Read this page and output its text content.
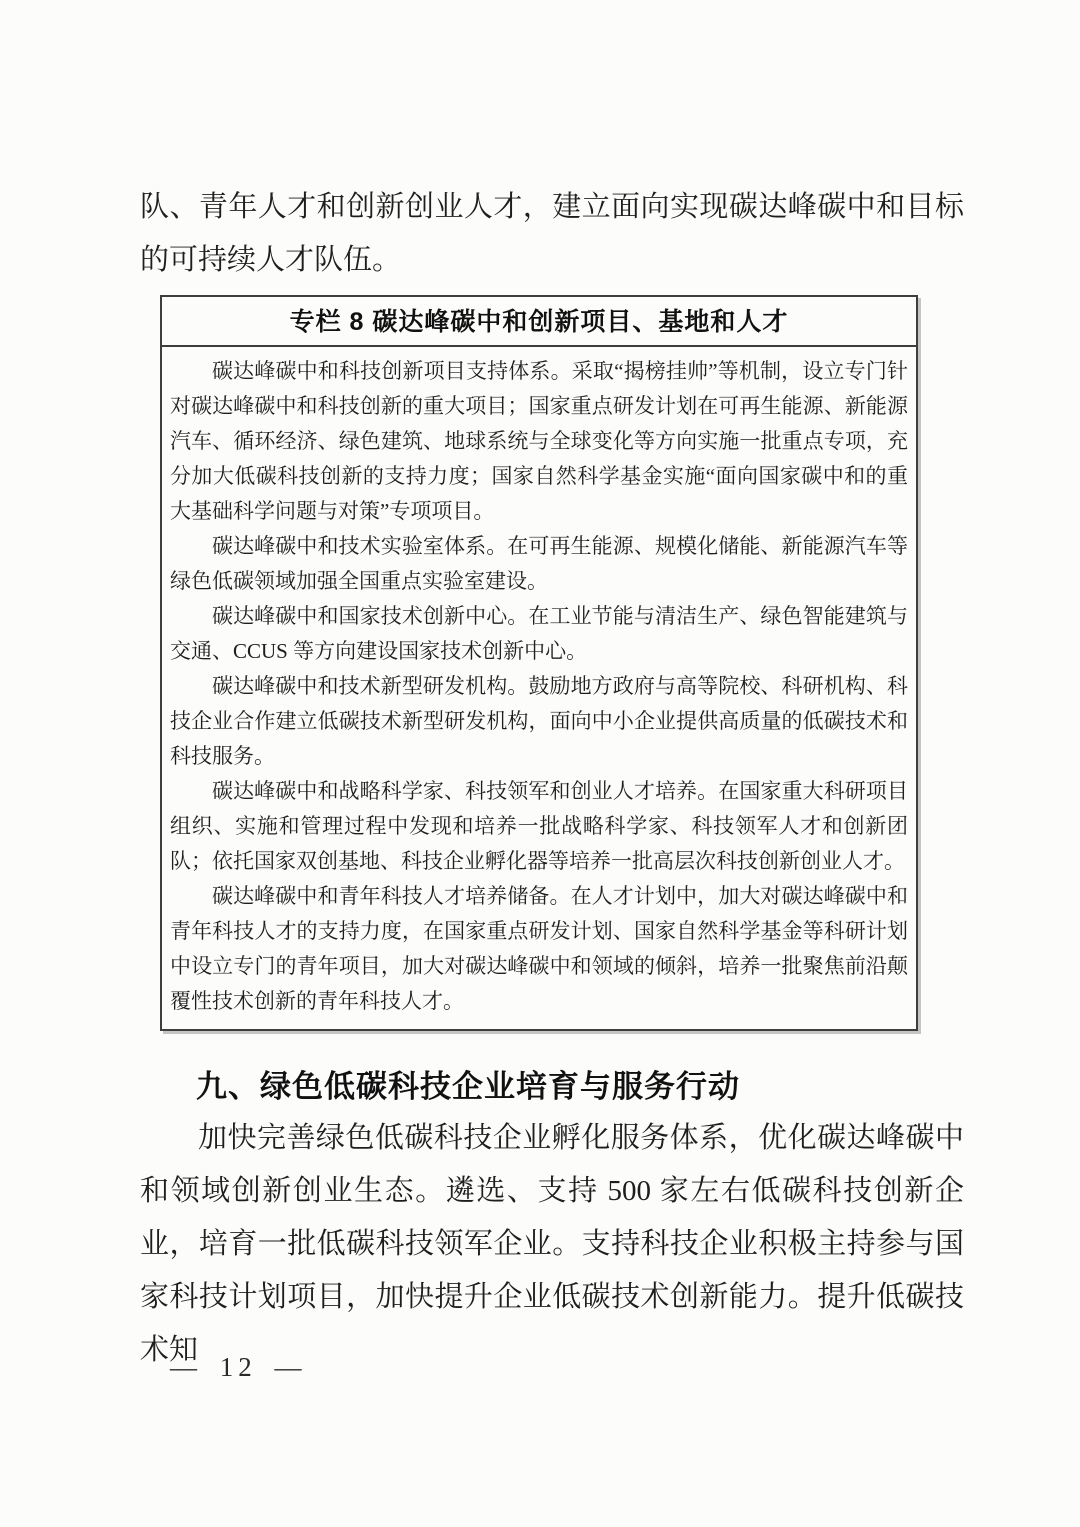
队、青年人才和创新创业人才，建立面向实现碳达峰碳中和目标的可持续人才队伍。

专栏 8 碳达峰碳中和创新项目、基地和人才

碳达峰碳中和科技创新项目支持体系。采取“揭榜挂帅”等机制，设立专门针对碳达峰碳中和科技创新的重大项目；国家重点研发计划在可再生能源、新能源汽车、循环经济、绿色建筑、地球系统与全球变化等方向实施一批重点专项，充分加大低碳科技创新的支持力度；国家自然科学基金实施“面向国家碳中和的重大基础科学问题与对策”专项项目。

碳达峰碳中和技术实验室体系。在可再生能源、规模化储能、新能源汽车等绿色低碳领域加强全国重点实验室建设。

碳达峰碳中和国家技术创新中心。在工业节能与清洁生产、绿色智能建筑与交通、CCUS 等方向建设国家技术创新中心。

碳达峰碳中和技术新型研发机构。鼓励地方政府与高等院校、科研机构、科技企业合作建立低碳技术新型研发机构，面向中小企业提供高质量的低碳技术和科技服务。

碳达峰碳中和战略科学家、科技领军和创业人才培养。在国家重大科研项目组织、实施和管理过程中发现和培养一批战略科学家、科技领军人才和创新团队；依托国家双创基地、科技企业孵化器等培养一批高层次科技创新创业人才。

碳达峰碳中和青年科技人才培养储备。在人才计划中，加大对碳达峰碳中和青年科技人才的支持力度，在国家重点研发计划、国家自然科学基金等科研计划中设立专门的青年项目，加大对碳达峰碳中和领域的倾斜，培养一批聚焦前沿颠覆性技术创新的青年科技人才。

九、绿色低碳科技企业培育与服务行动

加快完善绿色低碳科技企业孵化服务体系，优化碳达峰碳中和领域创新创业生态。遴选、支持 500 家左右低碳科技创新企业，培育一批低碳科技领军企业。支持科技企业积极主持参与国家科技计划项目，加快提升企业低碳技术创新能力。提升低碳技术知

— 12 —
